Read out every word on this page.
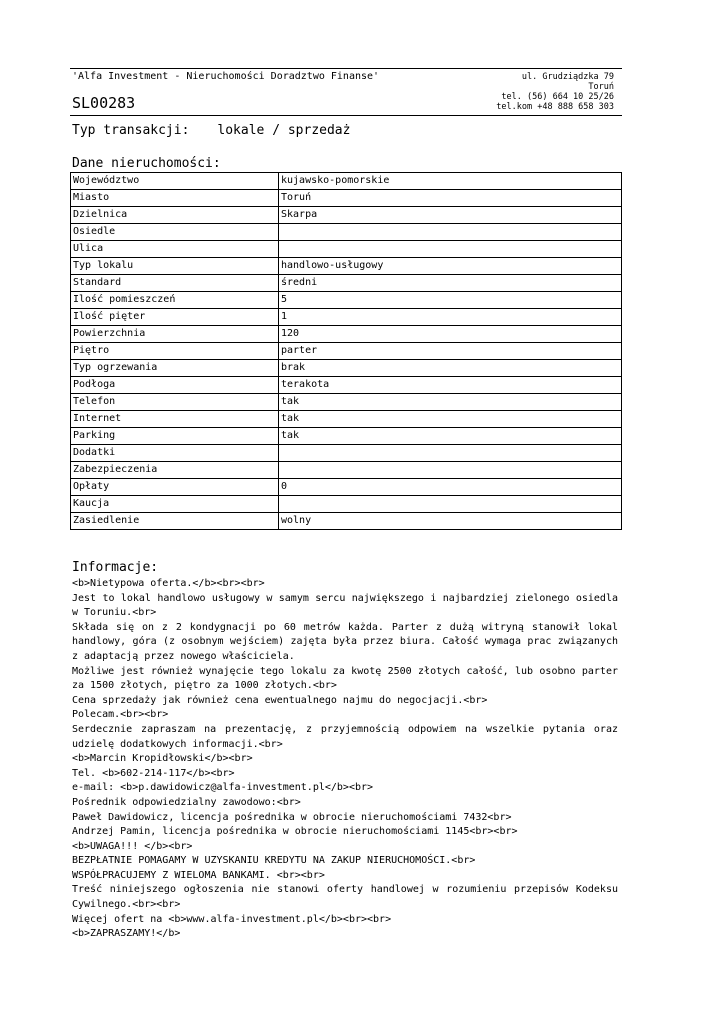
'Alfa Investment - Nieruchomości Doradztwo Finanse'
SL00283
ul. Grudziądzka 79
Toruń
tel. (56) 664 10 25/26
tel.kom +48 888 658 303
Typ transakcji: lokale / sprzedaż
Dane nieruchomości:
Województwo	kujawsko-pomorskie
Miasto	Toruń
Dzielnica	Skarpa
Osiedle	
Ulica	
Typ lokalu	handlowo-usługowy
Standard	średni
Ilość pomieszczeń	5
Ilość pięter	1
Powierzchnia	120
Piętro	parter
Typ ogrzewania	brak
Podłoga	terakota
Telefon	tak
Internet	tak
Parking	tak
Dodatki	
Zabezpieczenia	
Opłaty	0
Kaucja	
Zasiedlenie	wolny
Informacje:

<b>Nietypowa oferta.</b><br><br>

Jest to lokal handlowo usługowy w samym sercu największego i najbardziej zielonego osiedla w Toruniu.<br>

Składa się on z 2 kondygnacji po 60 metrów każda. Parter z dużą witryną stanowił lokal handlowy, góra (z osobnym wejściem) zajęta była przez biura. Całość wymaga prac związanych z adaptacją przez nowego właściciela.

Możliwe jest również wynajęcie tego lokalu za kwotę 2500 złotych całość, lub osobno parter za 1500 złotych, piętro za 1000 złotych.<br>

Cena sprzedaży jak również cena ewentualnego najmu do negocjacji.<br>

Polecam.<br><br>

Serdecznie zapraszam na prezentację, z przyjemnością odpowiem na wszelkie pytania oraz udzielę dodatkowych informacji.<br>

<b>Marcin Kropidłowski</b><br>

Tel. <b>602-214-117</b><br>

e-mail: <b>p.dawidowicz@alfa-investment.pl</b><br>

Pośrednik odpowiedzialny zawodowo:<br>

Paweł Dawidowicz, licencja pośrednika w obrocie nieruchomościami 7432<br>

Andrzej Pamin, licencja pośrednika w obrocie nieruchomościami 1145<br><br>

<b>UWAGA!!! </b><br>

BEZPŁATNIE POMAGAMY W UZYSKANIU KREDYTU NA ZAKUP NIERUCHOMOŚCI.<br>

WSPÓŁPRACUJEMY Z WIELOMA BANKAMI. <br><br>

Treść niniejszego ogłoszenia nie stanowi oferty handlowej w rozumieniu przepisów Kodeksu Cywilnego.<br><br>

Więcej ofert na <b>www.alfa-investment.pl</b><br><br>

<b>ZAPRASZAMY!</b>
